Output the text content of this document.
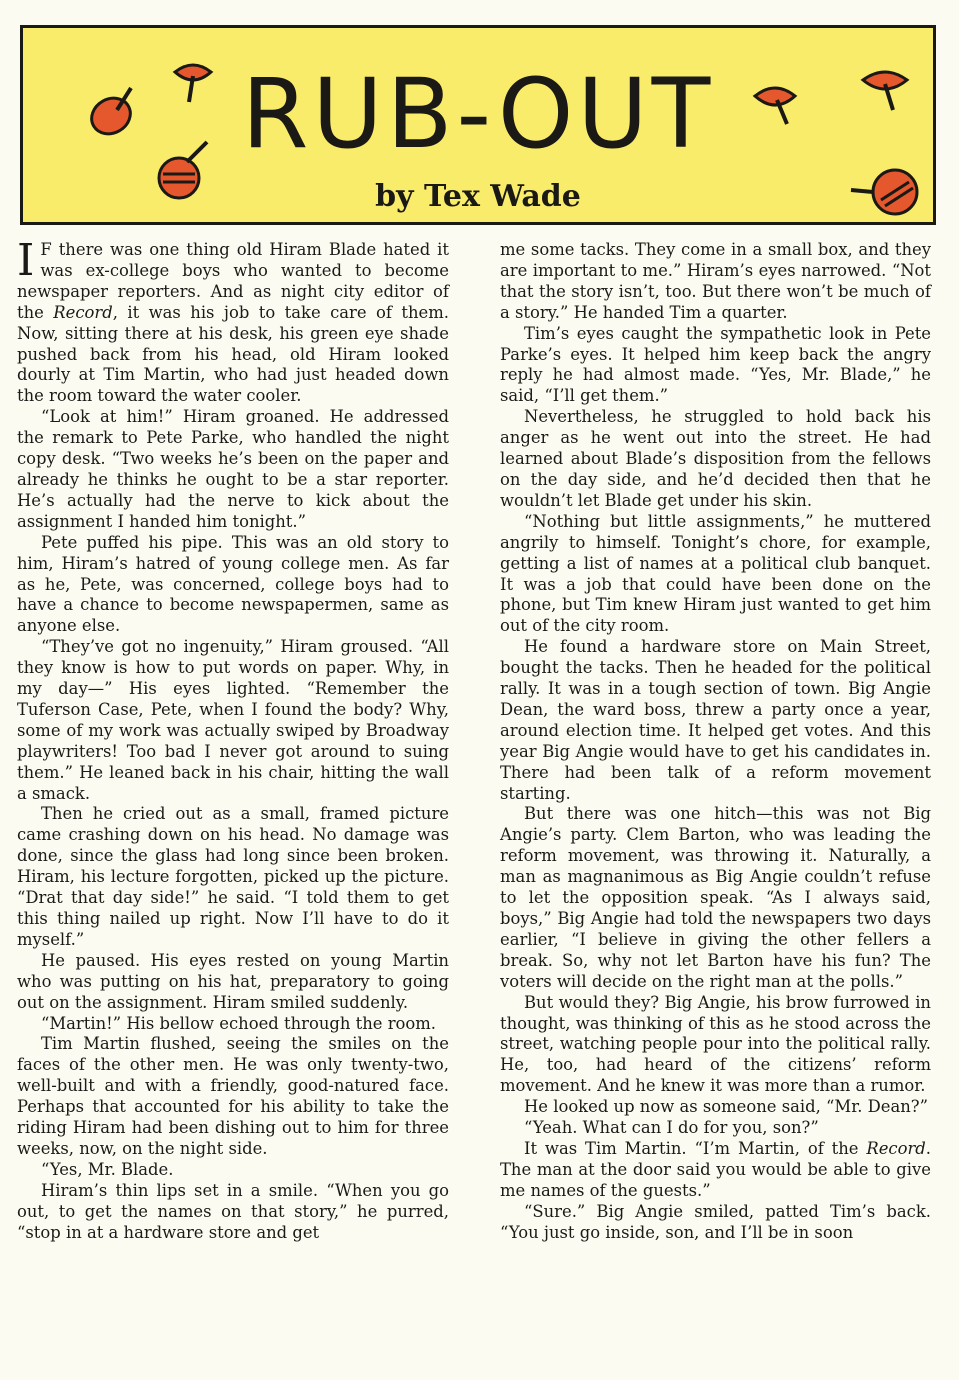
RUB-OUT
by Tex Wade

I F there was one thing old Hiram Blade hated it was ex-college boys who wanted to become newspaper reporters. And as night city editor of the Record, it was his job to take care of them. Now, sitting there at his desk, his green eye shade pushed back from his head, old Hiram looked dourly at Tim Martin, who had just headed down the room toward the water cooler.

“Look at him!” Hiram groaned. He addressed the remark to Pete Parke, who handled the night copy desk. “Two weeks he’s been on the paper and already he thinks he ought to be a star reporter. He’s actually had the nerve to kick about the assignment I handed him tonight.”

Pete puffed his pipe. This was an old story to him, Hiram’s hatred of young college men. As far as he, Pete, was concerned, college boys had to have a chance to become newspapermen, same as anyone else.

“They’ve got no ingenuity,” Hiram groused. “All they know is how to put words on paper. Why, in my day—” His eyes lighted. “Remember the Tuferson Case, Pete, when I found the body? Why, some of my work was actually swiped by Broadway playwriters! Too bad I never got around to suing them.” He leaned back in his chair, hitting the wall a smack.

Then he cried out as a small, framed picture came crashing down on his head. No damage was done, since the glass had long since been broken. Hiram, his lecture forgotten, picked up the picture. “Drat that day side!” he said. “I told them to get this thing nailed up right. Now I’ll have to do it myself.”

He paused. His eyes rested on young Martin who was putting on his hat, preparatory to going out on the assignment. Hiram smiled suddenly.

“Martin!” His bellow echoed through the room.

Tim Martin flushed, seeing the smiles on the faces of the other men. He was only twenty-two, well-built and with a friendly, good-natured face. Perhaps that accounted for his ability to take the riding Hiram had been dishing out to him for three weeks, now, on the night side.

“Yes, Mr. Blade.

Hiram’s thin lips set in a smile. “When you go out, to get the names on that story,” he purred, “stop in at a hardware store and get

me some tacks. They come in a small box, and they are important to me.” Hiram’s eyes narrowed. “Not that the story isn’t, too. But there won’t be much of a story.” He handed Tim a quarter.

Tim’s eyes caught the sympathetic look in Pete Parke’s eyes. It helped him keep back the angry reply he had almost made. “Yes, Mr. Blade,” he said, “I’ll get them.”

Nevertheless, he struggled to hold back his anger as he went out into the street. He had learned about Blade’s disposition from the fellows on the day side, and he’d decided then that he wouldn’t let Blade get under his skin.

“Nothing but little assignments,” he muttered angrily to himself. Tonight’s chore, for example, getting a list of names at a political club banquet. It was a job that could have been done on the phone, but Tim knew Hiram just wanted to get him out of the city room.

He found a hardware store on Main Street, bought the tacks. Then he headed for the political rally. It was in a tough section of town. Big Angie Dean, the ward boss, threw a party once a year, around election time. It helped get votes. And this year Big Angie would have to get his candidates in. There had been talk of a reform movement starting.

But there was one hitch—this was not Big Angie’s party. Clem Barton, who was leading the reform movement, was throwing it. Naturally, a man as magnanimous as Big Angie couldn’t refuse to let the opposition speak. “As I always said, boys,” Big Angie had told the newspapers two days earlier, “I believe in giving the other fellers a break. So, why not let Barton have his fun? The voters will decide on the right man at the polls.”

But would they? Big Angie, his brow furrowed in thought, was thinking of this as he stood across the street, watching people pour into the political rally. He, too, had heard of the citizens’ reform movement. And he knew it was more than a rumor.

He looked up now as someone said, “Mr. Dean?”

“Yeah. What can I do for you, son?”

It was Tim Martin. “I’m Martin, of the Record. The man at the door said you would be able to give me names of the guests.”

“Sure.” Big Angie smiled, patted Tim’s back. “You just go inside, son, and I’ll be in soon
